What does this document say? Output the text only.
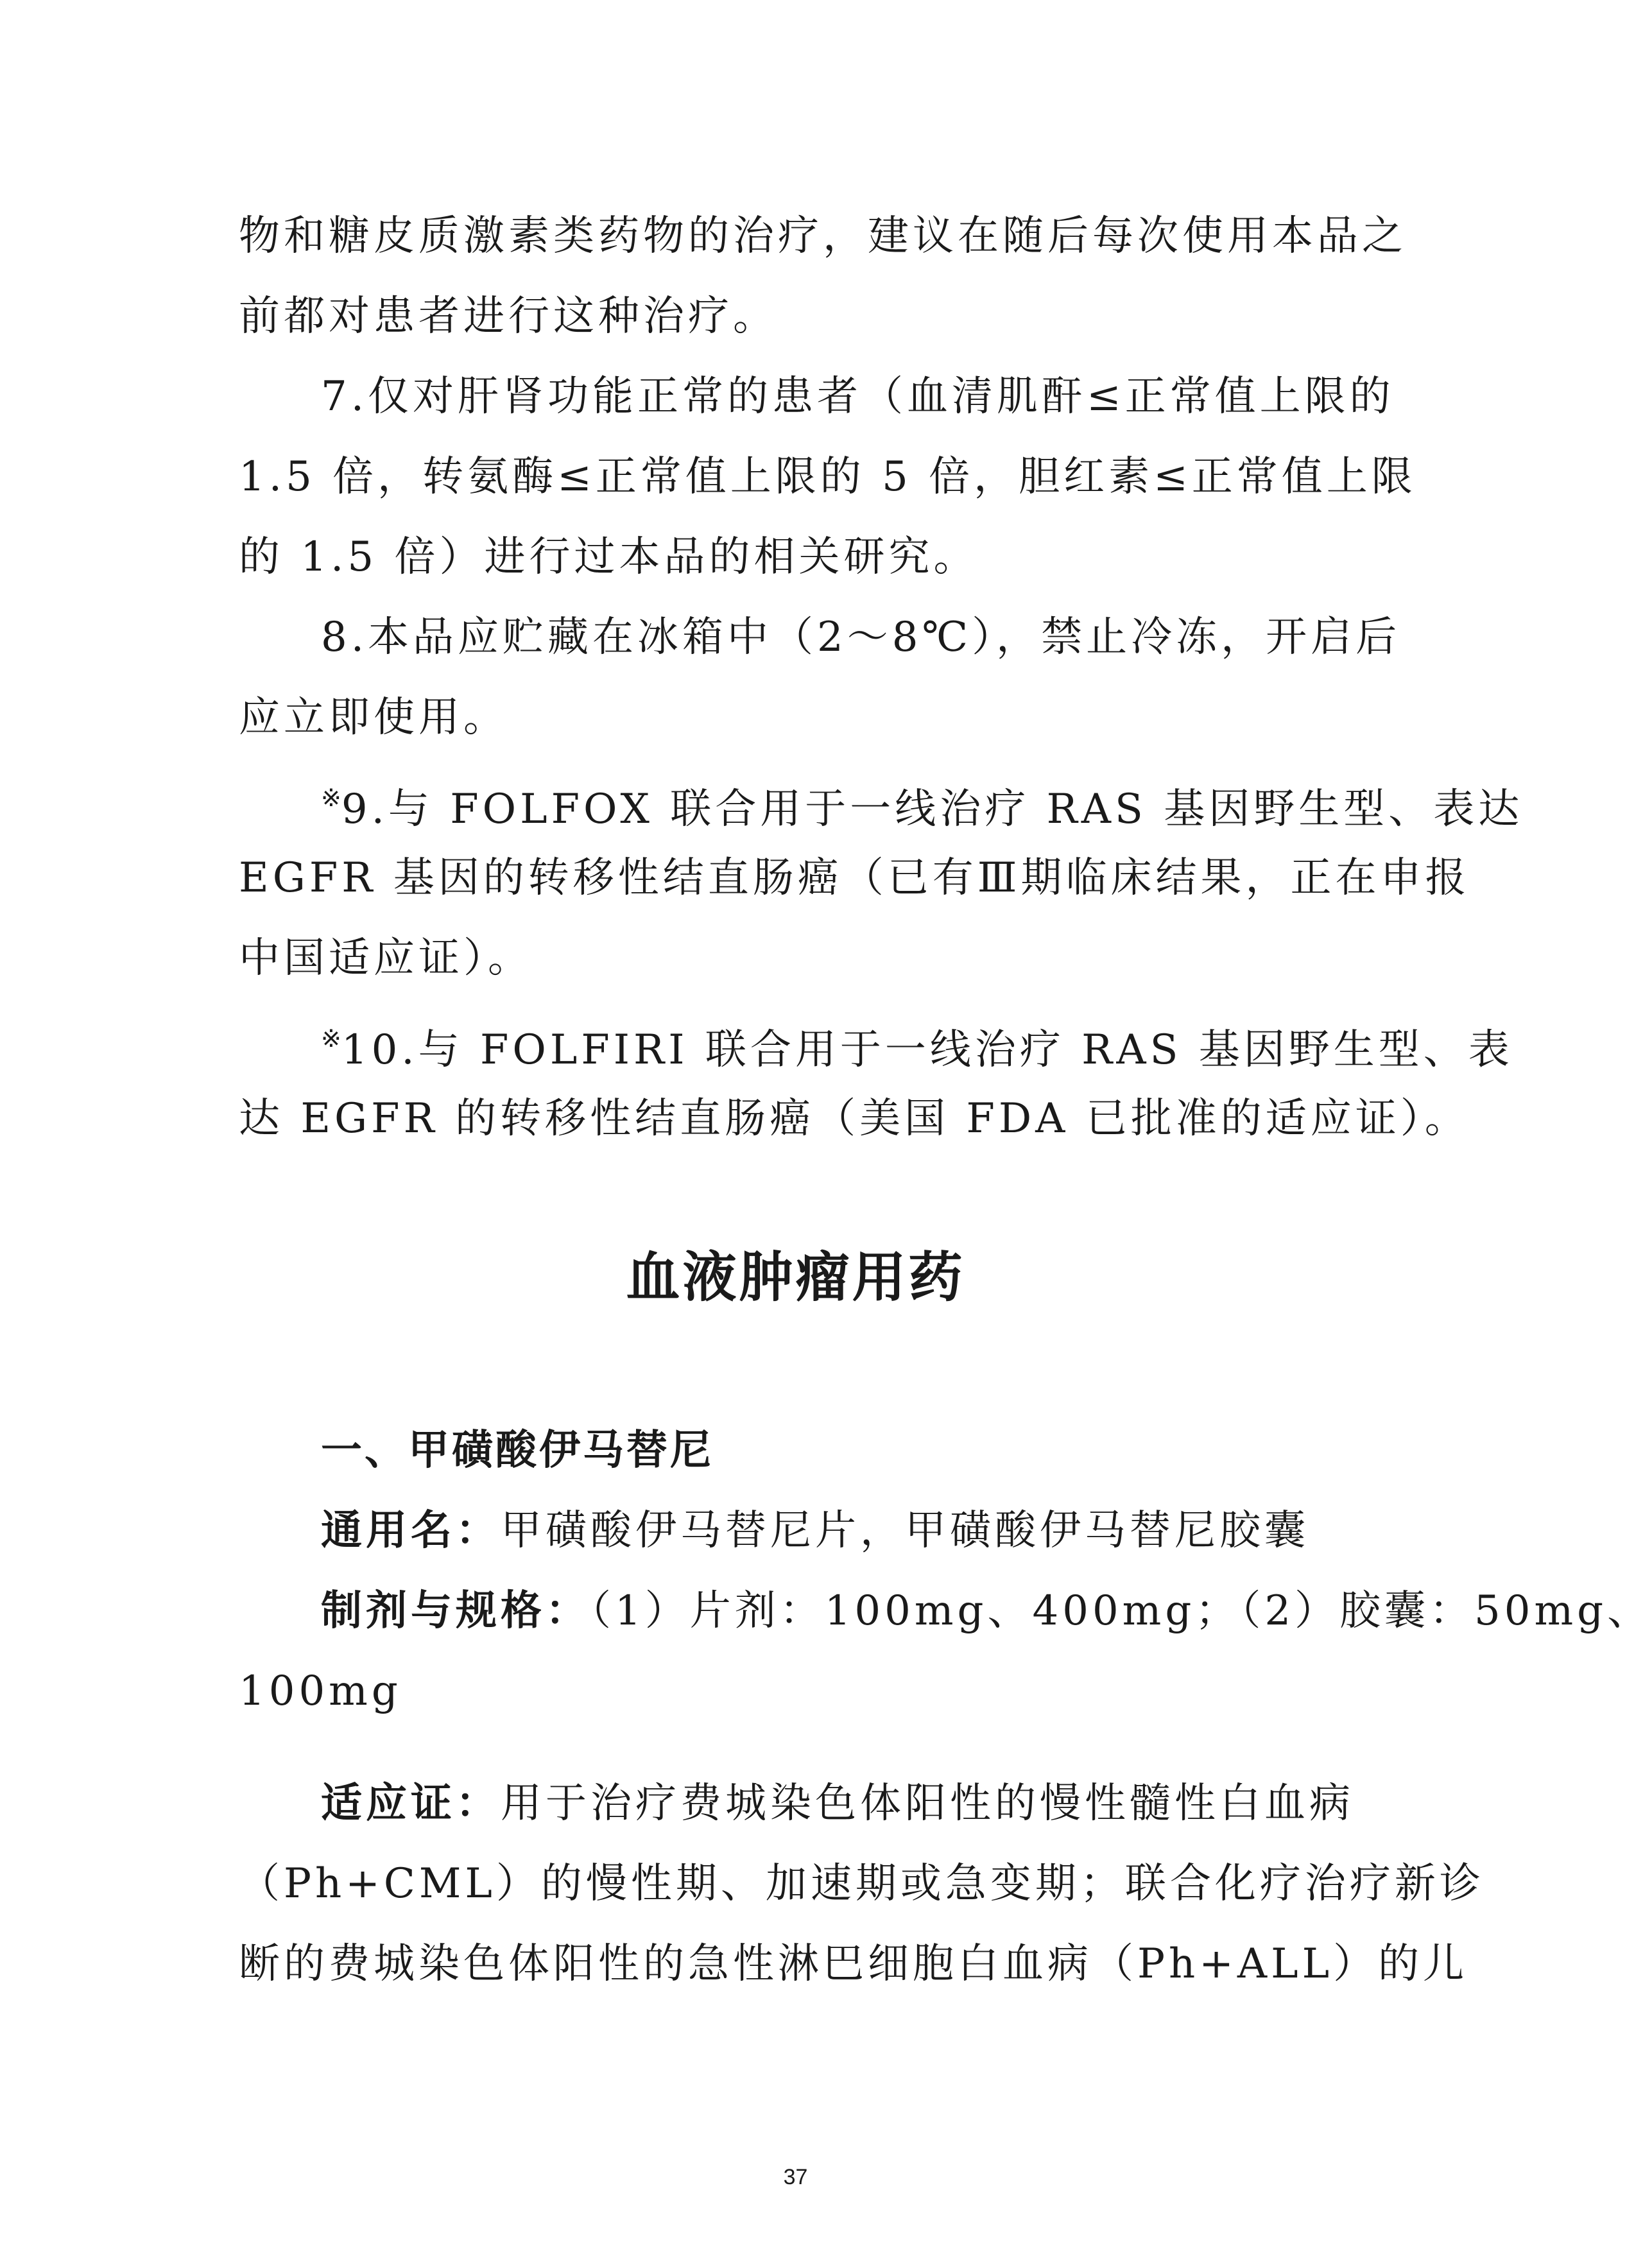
物和糖皮质激素类药物的治疗，建议在随后每次使用本品之
前都对患者进行这种治疗。
7.仅对肝肾功能正常的患者（血清肌酐≤正常值上限的
1.5 倍，转氨酶≤正常值上限的 5 倍，胆红素≤正常值上限
的 1.5 倍）进行过本品的相关研究。
8.本品应贮藏在冰箱中（2～8℃），禁止冷冻，开启后
应立即使用。
※9.与 FOLFOX 联合用于一线治疗 RAS 基因野生型、表达
EGFR 基因的转移性结直肠癌（已有Ⅲ期临床结果，正在申报
中国适应证）。
※10.与 FOLFIRI 联合用于一线治疗 RAS 基因野生型、表
达 EGFR 的转移性结直肠癌（美国 FDA 已批准的适应证）。
血液肿瘤用药
一、甲磺酸伊马替尼
通用名：甲磺酸伊马替尼片，甲磺酸伊马替尼胶囊
制剂与规格：（1）片剂：100mg、400mg；（2）胶囊：50mg、
100mg
适应证：用于治疗费城染色体阳性的慢性髓性白血病
（Ph+CML）的慢性期、加速期或急变期；联合化疗治疗新诊
断的费城染色体阳性的急性淋巴细胞白血病（Ph+ALL）的儿
37
